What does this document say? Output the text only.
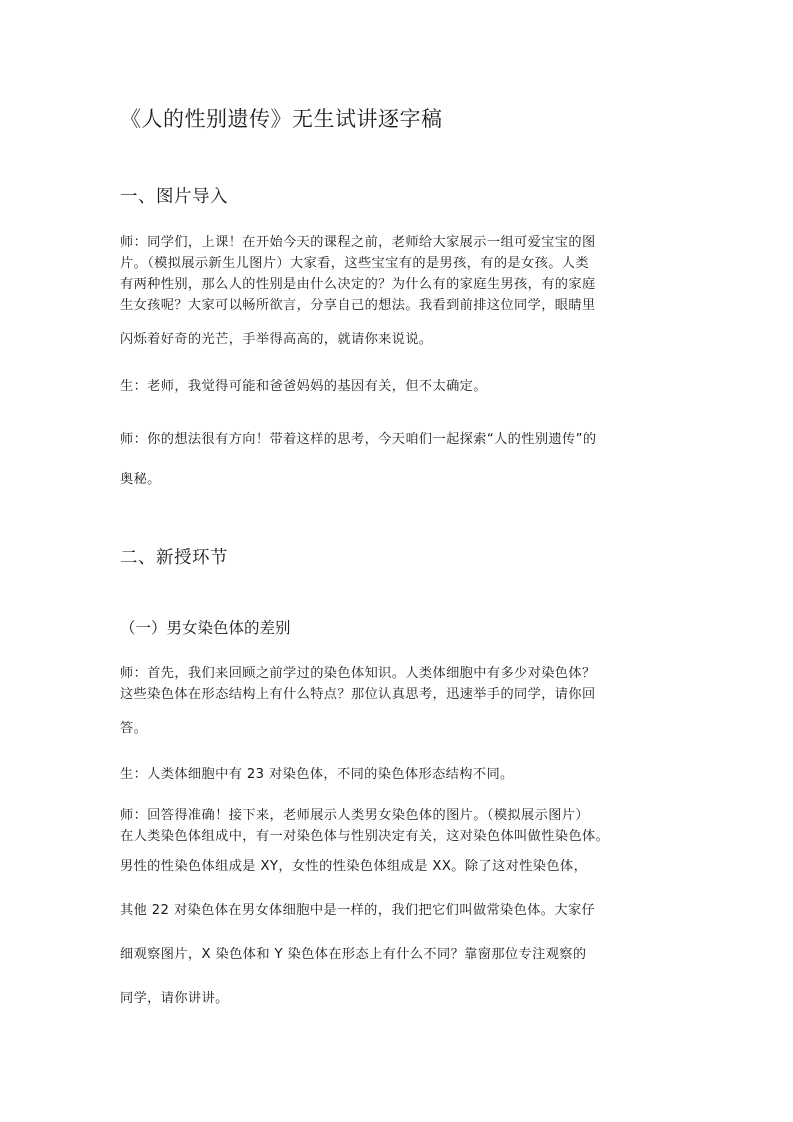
《人的性别遗传》无生试讲逐字稿
一、图片导入
师：同学们，上课！在开始今天的课程之前，老师给大家展示一组可爱宝宝的图
片。（模拟展示新生儿图片）大家看，这些宝宝有的是男孩，有的是女孩。人类
有两种性别，那么人的性别是由什么决定的？为什么有的家庭生男孩，有的家庭
生女孩呢？大家可以畅所欲言，分享自己的想法。我看到前排这位同学，眼睛里
闪烁着好奇的光芒，手举得高高的，就请你来说说。
生：老师，我觉得可能和爸爸妈妈的基因有关，但不太确定。
师：你的想法很有方向！带着这样的思考，今天咱们一起探索“人的性别遗传”的
奥秘。
二、新授环节
（一）男女染色体的差别
师：首先，我们来回顾之前学过的染色体知识。人类体细胞中有多少对染色体？
这些染色体在形态结构上有什么特点？那位认真思考，迅速举手的同学，请你回
答。
生：人类体细胞中有 23 对染色体，不同的染色体形态结构不同。
师：回答得准确！接下来，老师展示人类男女染色体的图片。（模拟展示图片）
在人类染色体组成中，有一对染色体与性别决定有关，这对染色体叫做性染色体。
男性的性染色体组成是 XY，女性的性染色体组成是 XX。除了这对性染色体，
其他 22 对染色体在男女体细胞中是一样的，我们把它们叫做常染色体。大家仔
细观察图片，X 染色体和 Y 染色体在形态上有什么不同？靠窗那位专注观察的
同学，请你讲讲。
